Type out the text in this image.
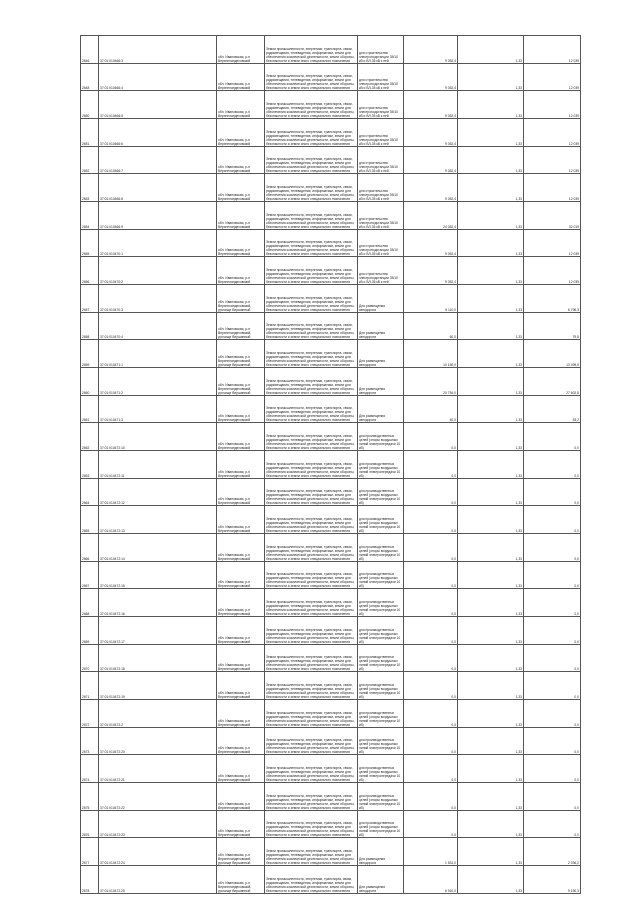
2646	37:01:010466:3	обл. Ивановская, р-н Верхнеландеховский	Земли промышленности, энергетики, транспорта, связи, радиовещания, телевидения, информатики, земли для обеспечения космической деятельности, земли обороны, безопасности и земли иного специального назначения	для строительства электроподстанции 35/10 кВ и ВЛ-35 кВ к ней	9 052,4	1,33	12 039
2648	37:01:010466:4	обл. Ивановская, р-н Верхнеландеховский	Земли промышленности, энергетики, транспорта, связи, радиовещания, телевидения, информатики, земли для обеспечения космической деятельности, земли обороны, безопасности и земли иного специального назначения	для строительства электроподстанции 35/10 кВ и ВЛ-35 кВ к ней	9 052,4	1,33	12 039
2650	37:01:010466:5	обл. Ивановская, р-н Верхнеландеховский	Земли промышленности, энергетики, транспорта, связи, радиовещания, телевидения, информатики, земли для обеспечения космической деятельности, земли обороны, безопасности и земли иного специального назначения	для строительства электроподстанции 35/10 кВ и ВЛ-35 кВ к ней	9 052,4	1,33	12 039
2651	37:01:010466:6	обл. Ивановская, р-н Верхнеландеховский	Земли промышленности, энергетики, транспорта, связи, радиовещания, телевидения, информатики, земли для обеспечения космической деятельности, земли обороны, безопасности и земли иного специального назначения	для строительства электроподстанции 35/10 кВ и ВЛ-35 кВ к ней	9 052,4	1,33	12 039
2652	37:01:010466:7	обл. Ивановская, р-н Верхнеландеховский	Земли промышленности, энергетики, транспорта, связи, радиовещания, телевидения, информатики, земли для обеспечения космической деятельности, земли обороны, безопасности и земли иного специального назначения	для строительства электроподстанции 35/10 кВ и ВЛ-35 кВ к ней	9 052,4	1,33	12 039
2653	37:01:010466:8	обл. Ивановская, р-н Верхнеландеховский	Земли промышленности, энергетики, транспорта, связи, радиовещания, телевидения, информатики, земли для обеспечения космической деятельности, земли обороны, безопасности и земли иного специального назначения	для строительства электроподстанции 35/10 кВ и ВЛ-35 кВ к ней	9 052,4	1,33	12 039
2654	37:01:010466:9	обл. Ивановская, р-н Верхнеландеховский	Земли промышленности, энергетики, транспорта, связи, радиовещания, телевидения, информатики, земли для обеспечения космической деятельности, земли обороны, безопасности и земли иного специального назначения	для строительства электроподстанции 35/10 кВ и ВЛ-35 кВ к ней	24 052,4	1,33	32 019
2655	37:01:010470:1	обл. Ивановская, р-н Верхнеландеховский	Земли промышленности, энергетики, транспорта, связи, радиовещания, телевидения, информатики, земли для обеспечения космической деятельности, земли обороны, безопасности и земли иного специального назначения	для строительства электроподстанции 35/10 кВ и ВЛ-35 кВ к ней	9 052,4	1,33	12 039
2656	37:01:010470:2	обл. Ивановская, р-н Верхнеландеховский	Земли промышленности, энергетики, транспорта, связи, радиовещания, телевидения, информатики, земли для обеспечения космической деятельности, земли обороны, безопасности и земли иного специального назначения	для строительства электроподстанции 35/10 кВ и ВЛ-35 кВ к ней	9 052,4	1,33	12 039
2657	37:01:010470:3	обл. Ивановская, р-н Верхнеландеховский, урочище Вершинный	Земли промышленности, энергетики, транспорта, связи, радиовещания, телевидения, информатики, земли для обеспечения космической деятельности, земли обороны, безопасности и земли иного специального назначения	Для размещения автодороги	5 110,0	1,33	6 796,3
2658	37:01:010470:4	обл. Ивановская, р-н Верхнеландеховский, урочище Вершинный	Земли промышленности, энергетики, транспорта, связи, радиовещания, телевидения, информатики, земли для обеспечения космической деятельности, земли обороны, безопасности и земли иного специального назначения	Для размещения автодороги	60,0	1,33	79,8
2659	37:01:010471:1	обл. Ивановская, р-н Верхнеландеховский, урочище Вершинный	Земли промышленности, энергетики, транспорта, связи, радиовещания, телевидения, информатики, земли для обеспечения космической деятельности, земли обороны, безопасности и земли иного специального назначения	Для размещения автодороги	10 150,0	1,33	13 499,5
2660	37:01:010471:2	обл. Ивановская, р-н Верхнеландеховский, урочище Вершинный	Земли промышленности, энергетики, транспорта, связи, радиовещания, телевидения, информатики, земли для обеспечения космической деятельности, земли обороны, безопасности и земли иного специального назначения	Для размещения автодороги	20 754,0	1,33	27 602,8
2661	37:01:010471:3	обл. Ивановская, р-н Верхнеландеховский	Земли промышленности, энергетики, транспорта, связи, радиовещания, телевидения, информатики, земли для обеспечения космической деятельности, земли обороны, безопасности и земли иного специального назначения	Для размещения автодороги	40,0	1,33	53,2
2662	37:01:010472:10	обл. Ивановская, р-н Верхнеландеховский	Земли промышленности, энергетики, транспорта, связи, радиовещания, телевидения, информатики, земли для обеспечения космической деятельности, земли обороны, безопасности и земли иного специального назначения	для производственных целей (опоры воздушных линий электропередачи 10 кВ)	0,0	1,33	0,0
2663	37:01:010472:11	обл. Ивановская, р-н Верхнеландеховский	Земли промышленности, энергетики, транспорта, связи, радиовещания, телевидения, информатики, земли для обеспечения космической деятельности, земли обороны, безопасности и земли иного специального назначения	для производственных целей (опоры воздушных линий электропередачи 10 кВ)	0,0	1,33	0,0
2664	37:01:010472:12	обл. Ивановская, р-н Верхнеландеховский	Земли промышленности, энергетики, транспорта, связи, радиовещания, телевидения, информатики, земли для обеспечения космической деятельности, земли обороны, безопасности и земли иного специального назначения	для производственных целей (опоры воздушных линий электропередачи 10 кВ)	0,0	1,33	0,0
2665	37:01:010472:13	обл. Ивановская, р-н Верхнеландеховский	Земли промышленности, энергетики, транспорта, связи, радиовещания, телевидения, информатики, земли для обеспечения космической деятельности, земли обороны, безопасности и земли иного специального назначения	для производственных целей (опоры воздушных линий электропередачи 10 кВ)	0,0	1,33	0,0
2666	37:01:010472:14	обл. Ивановская, р-н Верхнеландеховский	Земли промышленности, энергетики, транспорта, связи, радиовещания, телевидения, информатики, земли для обеспечения космической деятельности, земли обороны, безопасности и земли иного специального назначения	для производственных целей (опоры воздушных линий электропередачи 10 кВ)	0,0	1,33	0,0
2667	37:01:010472:15	обл. Ивановская, р-н Верхнеландеховский	Земли промышленности, энергетики, транспорта, связи, радиовещания, телевидения, информатики, земли для обеспечения космической деятельности, земли обороны, безопасности и земли иного специального назначения	для производственных целей (опоры воздушных линий электропередачи 10 кВ)	0,0	1,33	0,0
2668	37:01:010472:16	обл. Ивановская, р-н Верхнеландеховский	Земли промышленности, энергетики, транспорта, связи, радиовещания, телевидения, информатики, земли для обеспечения космической деятельности, земли обороны, безопасности и земли иного специального назначения	для производственных целей (опоры воздушных линий электропередачи 10 кВ)	0,0	1,33	0,0
2669	37:01:010472:17	обл. Ивановская, р-н Верхнеландеховский	Земли промышленности, энергетики, транспорта, связи, радиовещания, телевидения, информатики, земли для обеспечения космической деятельности, земли обороны, безопасности и земли иного специального назначения	для производственных целей (опоры воздушных линий электропередачи 10 кВ)	0,0	1,33	0,0
2670	37:01:010472:18	обл. Ивановская, р-н Верхнеландеховский	Земли промышленности, энергетики, транспорта, связи, радиовещания, телевидения, информатики, земли для обеспечения космической деятельности, земли обороны, безопасности и земли иного специального назначения	для производственных целей (опоры воздушных линий электропередачи 10 кВ)	0,0	1,33	0,0
2671	37:01:010472:19	обл. Ивановская, р-н Верхнеландеховский	Земли промышленности, энергетики, транспорта, связи, радиовещания, телевидения, информатики, земли для обеспечения космической деятельности, земли обороны, безопасности и земли иного специального назначения	для производственных целей (опоры воздушных линий электропередачи 10 кВ)	0,0	1,33	0,0
2672	37:01:010472:2	обл. Ивановская, р-н Верхнеландеховский	Земли промышленности, энергетики, транспорта, связи, радиовещания, телевидения, информатики, земли для обеспечения космической деятельности, земли обороны, безопасности и земли иного специального назначения	для производственных целей (опоры воздушных линий электропередачи 10 кВ)	0,0	1,33	0,0
2673	37:01:010472:20	обл. Ивановская, р-н Верхнеландеховский	Земли промышленности, энергетики, транспорта, связи, радиовещания, телевидения, информатики, земли для обеспечения космической деятельности, земли обороны, безопасности и земли иного специального назначения	для производственных целей (опоры воздушных линий электропередачи 10 кВ)	0,0	1,33	0,0
2674	37:01:010472:21	обл. Ивановская, р-н Верхнеландеховский	Земли промышленности, энергетики, транспорта, связи, радиовещания, телевидения, информатики, земли для обеспечения космической деятельности, земли обороны, безопасности и земли иного специального назначения	для производственных целей (опоры воздушных линий электропередачи 10 кВ)	0,0	1,33	0,0
2675	37:01:010472:22	обл. Ивановская, р-н Верхнеландеховский	Земли промышленности, энергетики, транспорта, связи, радиовещания, телевидения, информатики, земли для обеспечения космической деятельности, земли обороны, безопасности и земли иного специального назначения	для производственных целей (опоры воздушных линий электропередачи 10 кВ)	0,0	1,33	0,0
2676	37:01:010472:23	обл. Ивановская, р-н Верхнеландеховский	Земли промышленности, энергетики, транспорта, связи, радиовещания, телевидения, информатики, земли для обеспечения космической деятельности, земли обороны, безопасности и земли иного специального назначения	для производственных целей (опоры воздушных линий электропередачи 10 кВ)	0,0	1,33	0,0
2677	37:01:010472:24	обл. Ивановская, р-н Верхнеландеховский, урочище Вершинный	Земли промышленности, энергетики, транспорта, связи, радиовещания, телевидения, информатики, земли для обеспечения космической деятельности, земли обороны, безопасности и земли иного специального назначения	Для размещения автодороги	1 531,0	1,33	2 036,2
2678	37:01:010472:25	обл. Ивановская, р-н Верхнеландеховский, урочище Вершинный	Земли промышленности, энергетики, транспорta, связи, радиовещания, телевидения, информатики, земли для обеспечения космической деятельности, земли обороны, безопасности и земли иного специального назначения	Для размещения автодороги	6 910,0	1,33	9 190,3
